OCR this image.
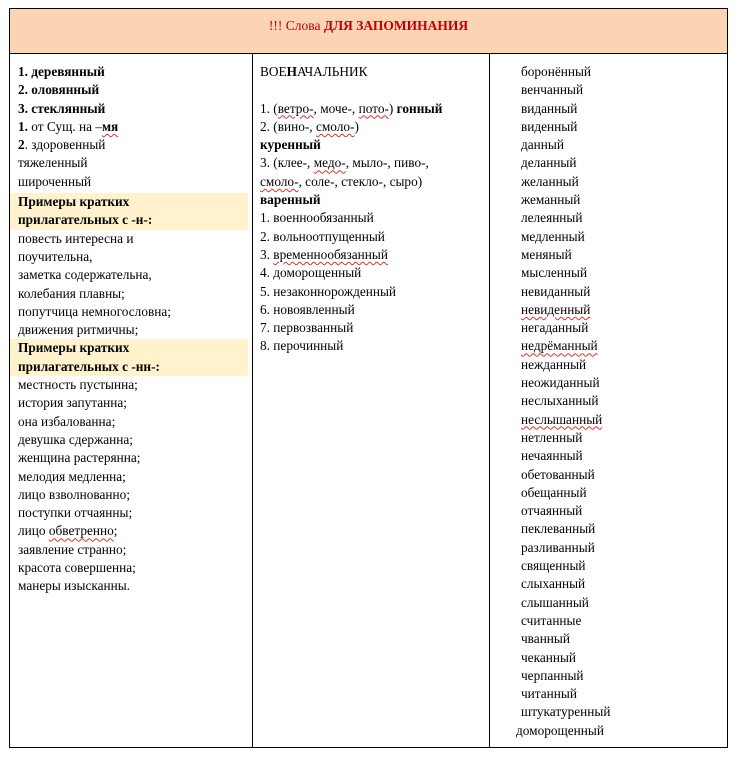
!!! Слова ДЛЯ ЗАПОМИНАНИЯ
1. деревянный
2. оловянный
3. стеклянный
1. от Сущ. на –мя
2. здоровенный
тяжеленный
широченный
Примеры кратких
прилагательных с -н-:
повесть интересна и
поучительна,
заметка содержательна,
колебания плавны;
попутчица немногословна;
движения ритмичны;
Примеры кратких
прилагательных с -нн-:
местность пустынна;
история запутанна;
она избалованна;
девушка сдержанна;
женщина растерянна;
мелодия медленна;
лицо взволнованно;
поступки отчаянны;
лицо обветренно;
заявление странно;
красота совершенна;
манеры изысканны.
ВОЕНАЧАЛЬНИК
1. (ветро-, моче-, пото-) гонный
2. (вино-, смоло-)
куренный
3. (клее-, медо-, мыло-, пиво-,
смоло-, соле-, стекло-, сыро)
варенный
1. военнообязанный
2. вольноотпущенный
3. временнообязанный
4. доморощенный
5. незаконнорожденный
6. новоявленный
7. первозванный
8. перочинный
боронённый
венчанный
виданный
виденный
данный
деланный
желанный
жеманный
лелеянный
медленный
меняный
мысленный
невиданный
невиденный
негаданный
недрёманный
нежданный
неожиданный
неслыханный
неслышанный
нетленный
нечаянный
обетованный
обещанный
отчаянный
пеклеванный
разливанный
священный
слыханный
слышанный
считанные
чванный
чеканный
черпанный
читанный
штукатуренный
доморощенный
